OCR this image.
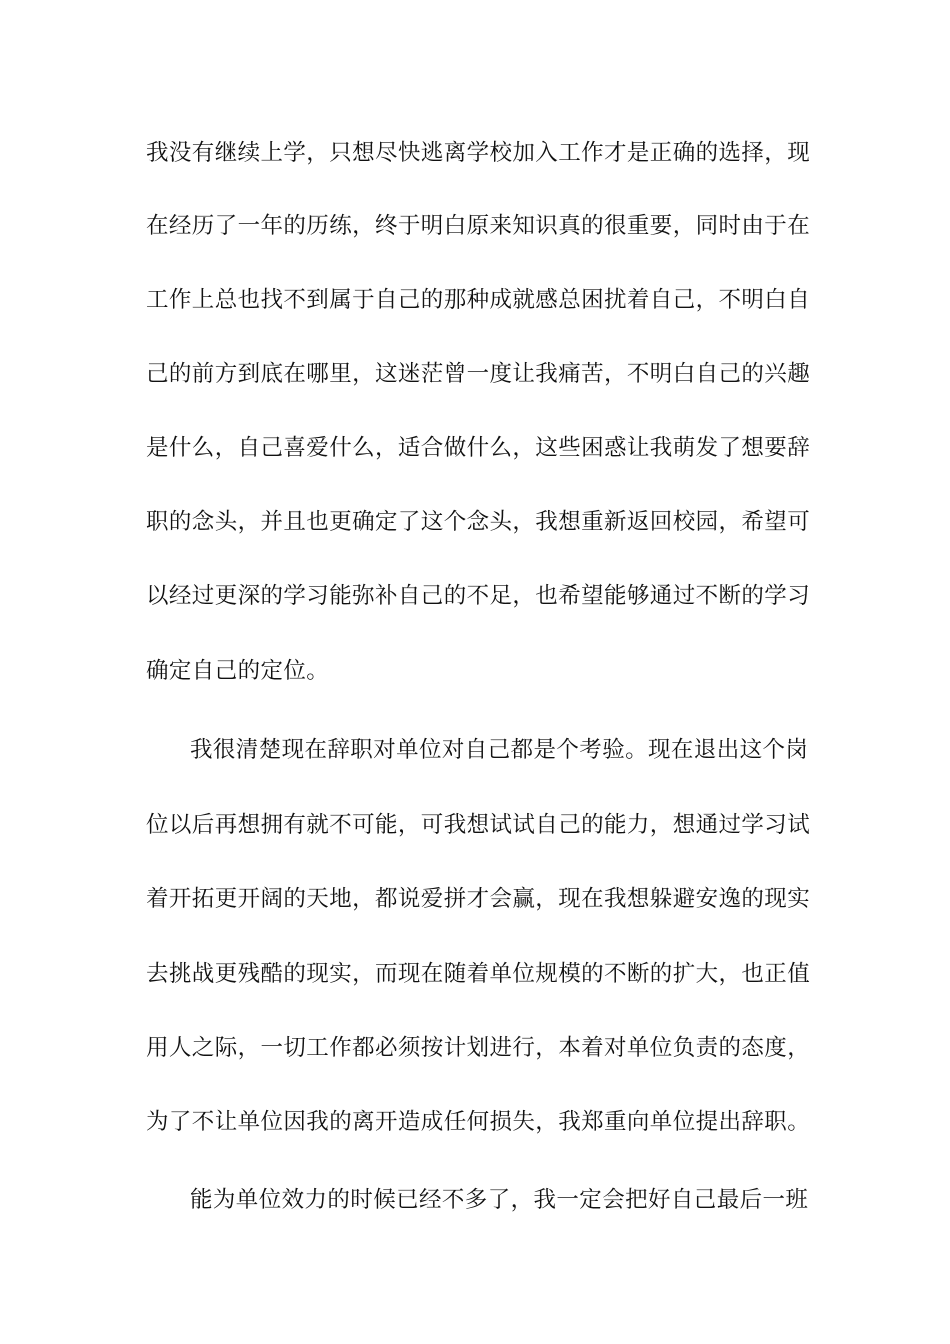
我没有继续上学，只想尽快逃离学校加入工作才是正确的选择，现
在经历了一年的历练，终于明白原来知识真的很重要，同时由于在
工作上总也找不到属于自己的那种成就感总困扰着自己，不明白自
己的前方到底在哪里，这迷茫曾一度让我痛苦，不明白自己的兴趣
是什么，自己喜爱什么，适合做什么，这些困惑让我萌发了想要辞
职的念头，并且也更确定了这个念头，我想重新返回校园，希望可
以经过更深的学习能弥补自己的不足，也希望能够通过不断的学习
确定自己的定位。
我很清楚现在辞职对单位对自己都是个考验。现在退出这个岗
位以后再想拥有就不可能，可我想试试自己的能力，想通过学习试
着开拓更开阔的天地，都说爱拼才会赢，现在我想躲避安逸的现实
去挑战更残酷的现实，而现在随着单位规模的不断的扩大，也正值
用人之际，一切工作都必须按计划进行，本着对单位负责的态度，
为了不让单位因我的离开造成任何损失，我郑重向单位提出辞职。
能为单位效力的时候已经不多了，我一定会把好自己最后一班
